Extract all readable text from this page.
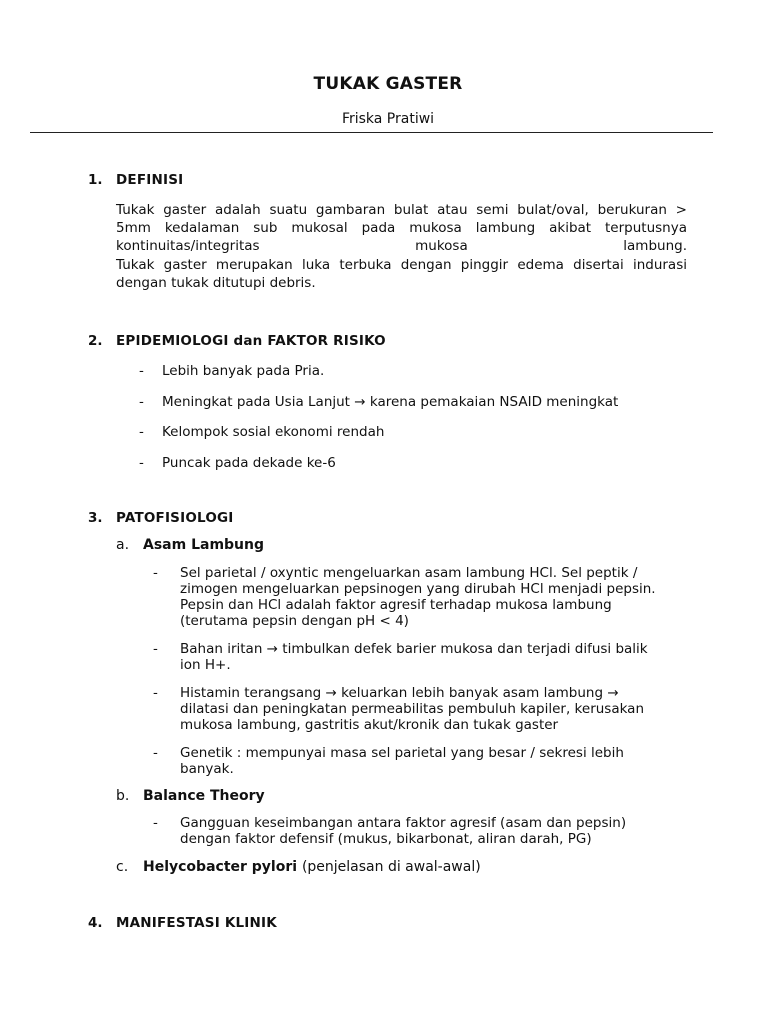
TUKAK GASTER
Friska Pratiwi
1. DEFINISI
Tukak gaster adalah suatu gambaran bulat atau semi bulat/oval, berukuran >
5mm kedalaman sub mukosal pada mukosa lambung akibat terputusnya
kontinuitas/integritas mukosa lambung.
Tukak gaster merupakan luka terbuka dengan pinggir edema disertai indurasi
dengan tukak ditutupi debris.
2. EPIDEMIOLOGI dan FAKTOR RISIKO
- Lebih banyak pada Pria.
- Meningkat pada Usia Lanjut → karena pemakaian NSAID meningkat
- Kelompok sosial ekonomi rendah
- Puncak pada dekade ke-6
3. PATOFISIOLOGI
a. Asam Lambung
- Sel parietal / oxyntic mengeluarkan asam lambung HCl. Sel peptik /
zimogen mengeluarkan pepsinogen yang dirubah HCl menjadi pepsin.
Pepsin dan HCl adalah faktor agresif terhadap mukosa lambung
(terutama pepsin dengan pH < 4)
- Bahan iritan → timbulkan defek barier mukosa dan terjadi difusi balik
ion H+.
- Histamin terangsang → keluarkan lebih banyak asam lambung →
dilatasi dan peningkatan permeabilitas pembuluh kapiler, kerusakan
mukosa lambung, gastritis akut/kronik dan tukak gaster
- Genetik : mempunyai masa sel parietal yang besar / sekresi lebih
banyak.
b. Balance Theory
- Gangguan keseimbangan antara faktor agresif (asam dan pepsin)
dengan faktor defensif (mukus, bikarbonat, aliran darah, PG)
c. Helycobacter pylori (penjelasan di awal-awal)
4. MANIFESTASI KLINIK
